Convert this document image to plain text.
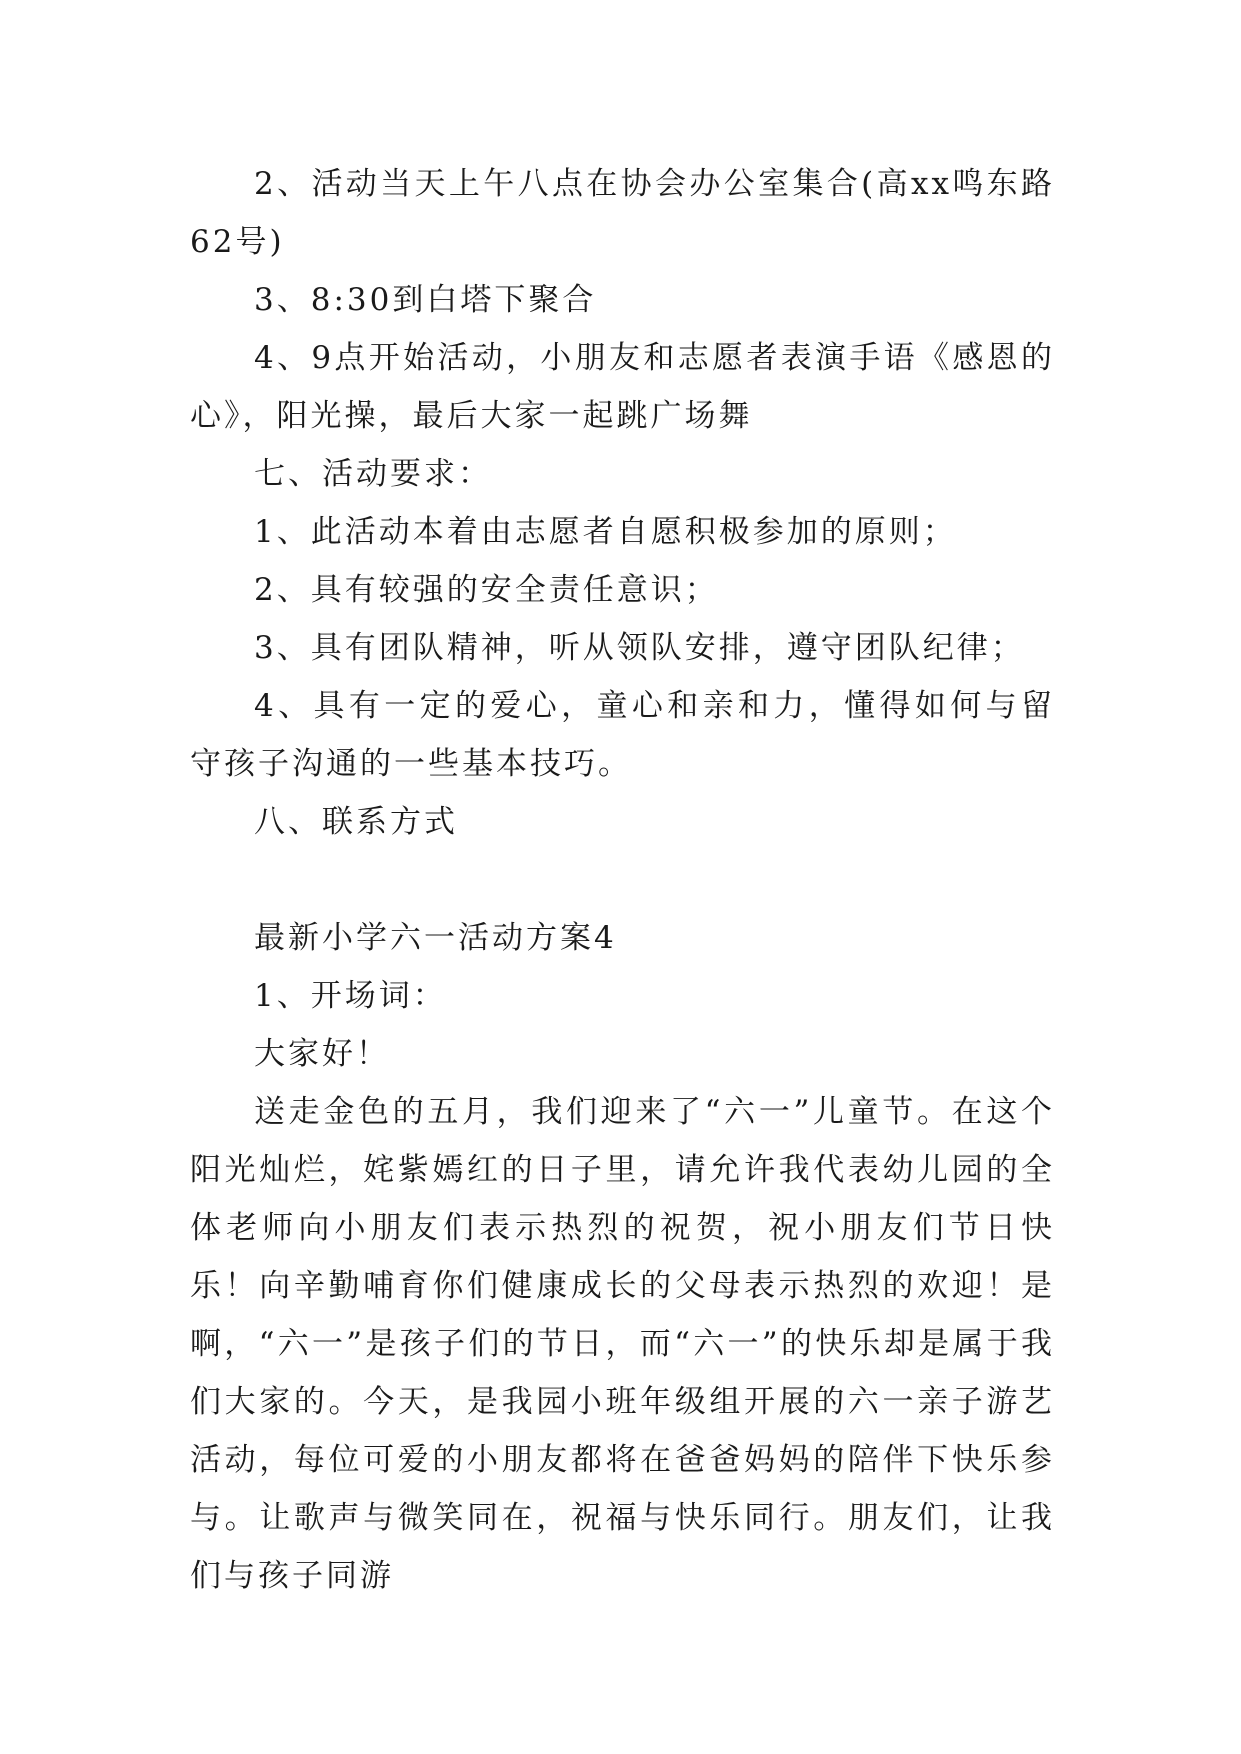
2、活动当天上午八点在协会办公室集合(高xx鸣东路62号)

3、8:30到白塔下聚合

4、9点开始活动，小朋友和志愿者表演手语《感恩的心》，阳光操，最后大家一起跳广场舞

七、活动要求：

1、此活动本着由志愿者自愿积极参加的原则；

2、具有较强的安全责任意识；

3、具有团队精神，听从领队安排，遵守团队纪律；

4、具有一定的爱心，童心和亲和力，懂得如何与留守孩子沟通的一些基本技巧。

八、联系方式

最新小学六一活动方案4

1、开场词：

大家好！

送走金色的五月，我们迎来了“六一”儿童节。在这个阳光灿烂，姹紫嫣红的日子里，请允许我代表幼儿园的全体老师向小朋友们表示热烈的祝贺，祝小朋友们节日快乐！向辛勤哺育你们健康成长的父母表示热烈的欢迎！是啊，“六一”是孩子们的节日，而“六一”的快乐却是属于我们大家的。今天，是我园小班年级组开展的六一亲子游艺活动，每位可爱的小朋友都将在爸爸妈妈的陪伴下快乐参与。让歌声与微笑同在，祝福与快乐同行。朋友们，让我们与孩子同游
